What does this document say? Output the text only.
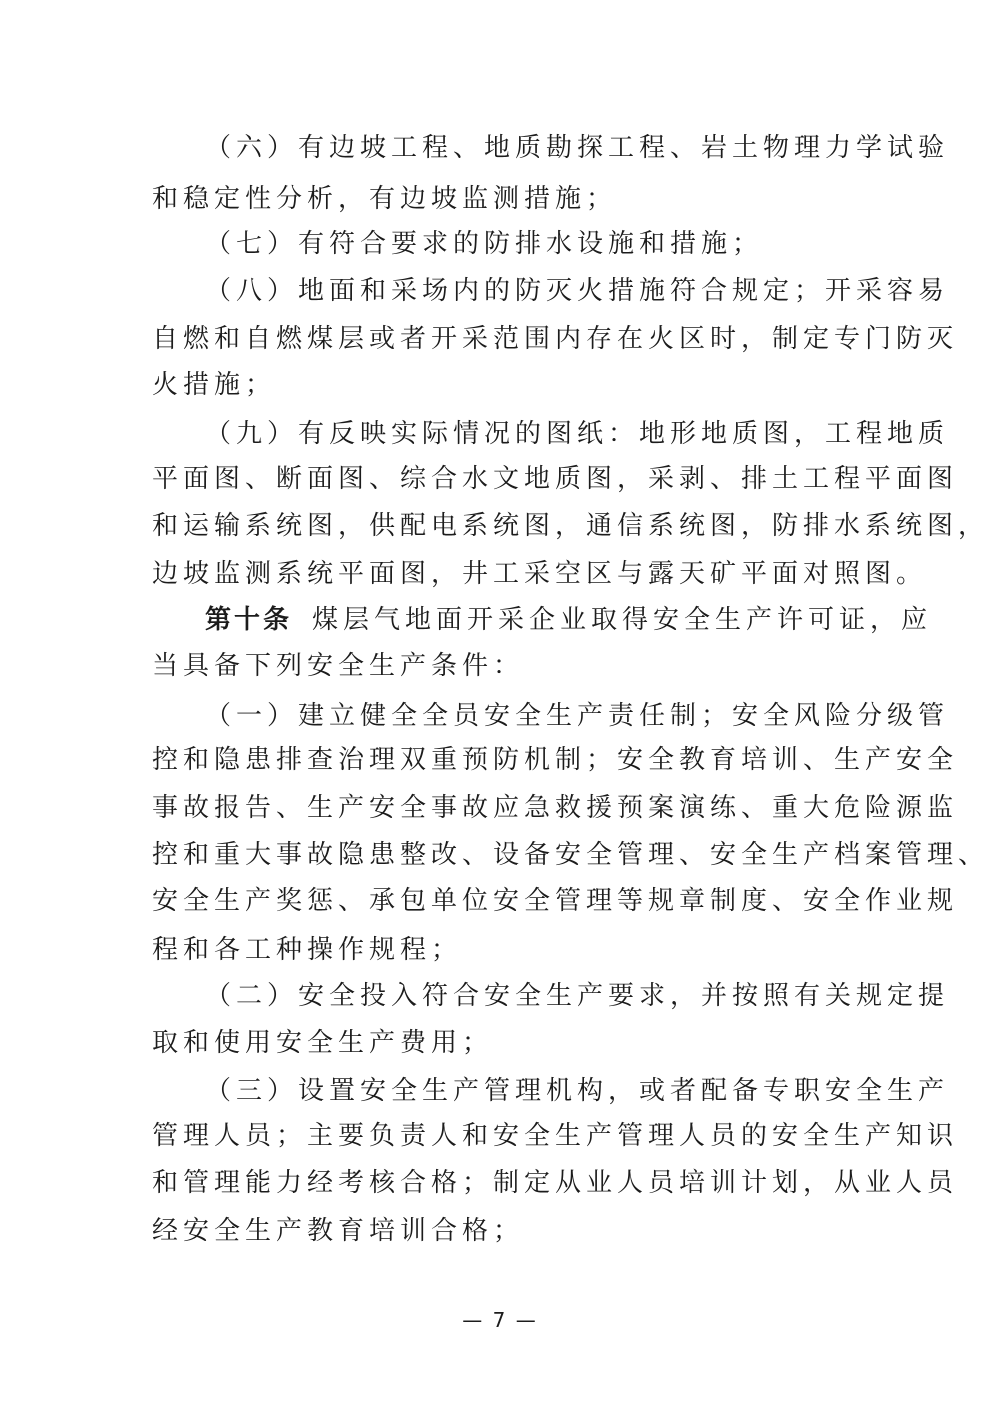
（六）有边坡工程、地质勘探工程、岩土物理力学试验
和稳定性分析，有边坡监测措施；
（七）有符合要求的防排水设施和措施；
（八）地面和采场内的防灭火措施符合规定；开采容易
自燃和自燃煤层或者开采范围内存在火区时，制定专门防灭
火措施；
（九）有反映实际情况的图纸：地形地质图，工程地质
平面图、断面图、综合水文地质图，采剥、排土工程平面图
和运输系统图，供配电系统图，通信系统图，防排水系统图，
边坡监测系统平面图，井工采空区与露天矿平面对照图。
第十条 煤层气地面开采企业取得安全生产许可证，应
当具备下列安全生产条件：
（一）建立健全全员安全生产责任制；安全风险分级管
控和隐患排查治理双重预防机制；安全教育培训、生产安全
事故报告、生产安全事故应急救援预案演练、重大危险源监
控和重大事故隐患整改、设备安全管理、安全生产档案管理、
安全生产奖惩、承包单位安全管理等规章制度、安全作业规
程和各工种操作规程；
（二）安全投入符合安全生产要求，并按照有关规定提
取和使用安全生产费用；
（三）设置安全生产管理机构，或者配备专职安全生产
管理人员；主要负责人和安全生产管理人员的安全生产知识
和管理能力经考核合格；制定从业人员培训计划，从业人员
经安全生产教育培训合格；
— 7 —
